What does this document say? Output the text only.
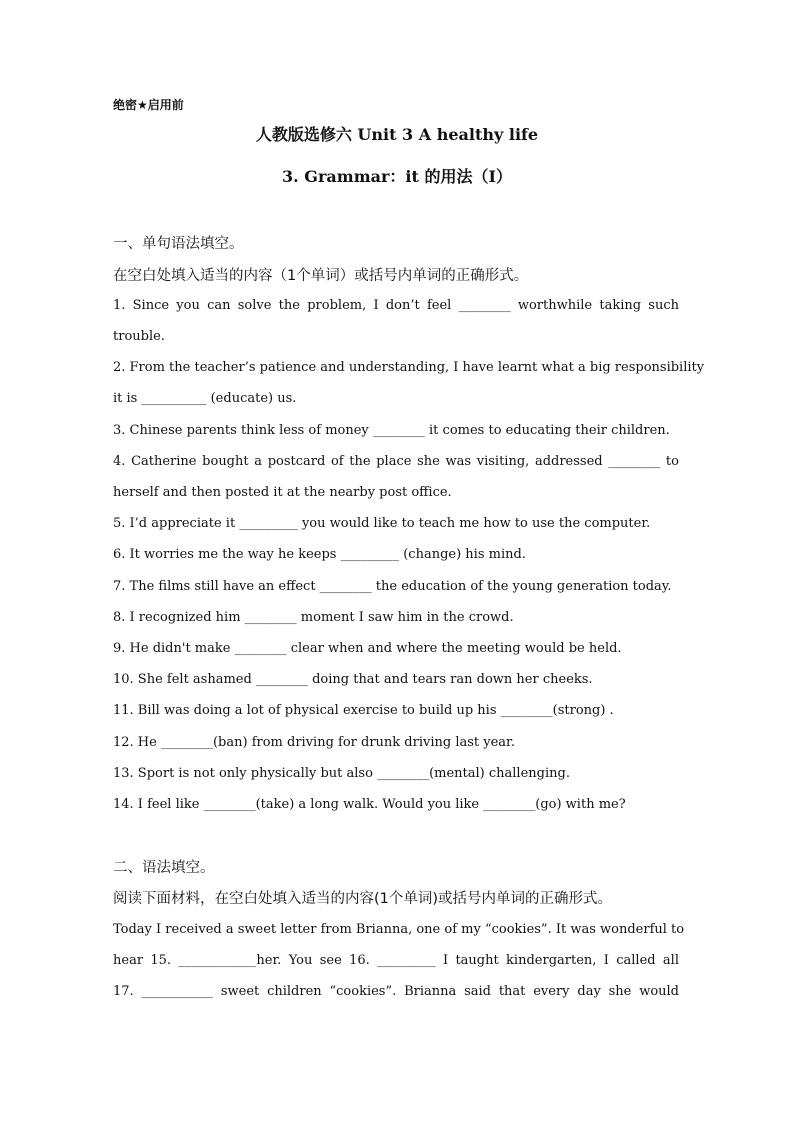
绝密★启用前
人教版选修六 Unit 3 A healthy life
3. Grammar：it 的用法（I）
一、单句语法填空。
在空白处填入适当的内容（1个单词）或括号内单词的正确形式。
1. Since you can solve the problem, I don’t feel ________ worthwhile taking such
trouble.
2. From the teacher’s patience and understanding, I have learnt what a big responsibility
it is __________ (educate) us.
3. Chinese parents think less of money ________ it comes to educating their children.
4. Catherine bought a postcard of the place she was visiting, addressed ________ to
herself and then posted it at the nearby post office.
5. I’d appreciate it _________ you would like to teach me how to use the computer.
6. It worries me the way he keeps _________ (change) his mind.
7. The films still have an effect ________ the education of the young generation today.
8. I recognized him ________ moment I saw him in the crowd.
9. He didn't make ________ clear when and where the meeting would be held.
10. She felt ashamed ________ doing that and tears ran down her cheeks.
11. Bill was doing a lot of physical exercise to build up his ________(strong) .
12. He ________(ban) from driving for drunk driving last year.
13. Sport is not only physically but also ________(mental) challenging.
14. I feel like ________(take) a long walk. Would you like ________(go) with me?
二、语法填空。
阅读下面材料，在空白处填入适当的内容(1个单词)或括号内单词的正确形式。
Today I received a sweet letter from Brianna, one of my “cookies”. It was wonderful to
hear 15. ____________her. You see 16. _________ I taught kindergarten, I called all
17. ___________ sweet children “cookies”. Brianna said that every day she would
